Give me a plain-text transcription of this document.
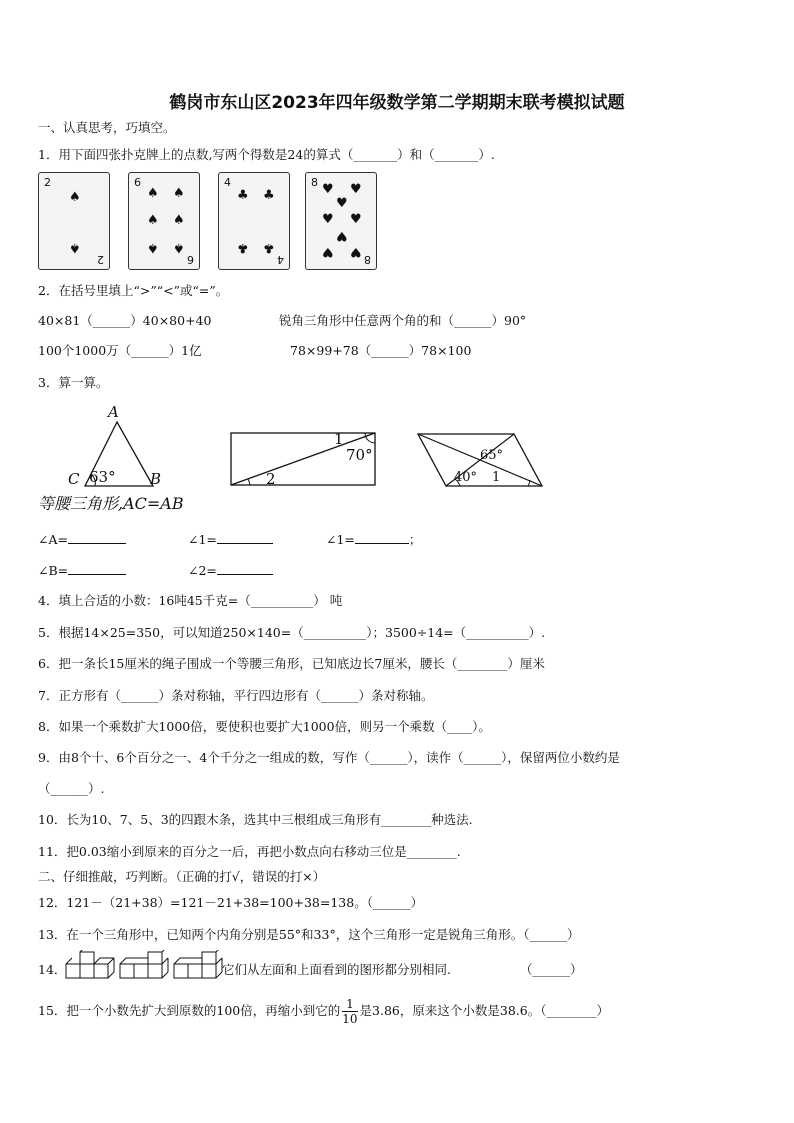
鹤岗市东山区2023年四年级数学第二学期期末联考模拟试题
一、认真思考，巧填空。
1．用下面四张扑克牌上的点数,写两个得数是24的算式（_______）和（_______）.
2
2
♠
♠
6
6
♠ ♠
♠ ♠
♠ ♠
4
4
♣ ♣
♣ ♣
8
8
♥ ♥
♥
♥ ♥
♥
♥ ♥
2．在括号里填上“>”“<”或“=”。
40×81（______）40×80+40	锐角三角形中任意两个角的和（______）90°
100个1000万（______）1亿	78×99+78（______）78×100
3．算一算。
A
C	B
63°
等腰三角形,AC=AB
1
70°
2
65°
40° 1
∠A=	∠1=	∠1=	；
∠B=	∠2=
4．填上合适的小数：16吨45千克=（__________） 吨
5．根据14×25=350，可以知道250×140=（__________）；3500÷14=（__________）.
6．把一条长15厘米的绳子围成一个等腰三角形，已知底边长7厘米，腰长（________）厘米
7．正方形有（______）条对称轴，平行四边形有（______）条对称轴。
8．如果一个乘数扩大1000倍，要使积也要扩大1000倍，则另一个乘数（____）。
9．由8个十、6个百分之一、4个千分之一组成的数，写作（______），读作（______），保留两位小数约是
（______）.
10．长为10、7、5、3的四跟木条，选其中三根组成三角形有________种选法.
11．把0.03缩小到原来的百分之一后，再把小数点向右移动三位是________.
二、仔细推敲，巧判断。（正确的打√，错误的打×）
12．121－（21+38）=121－21+38=100+38=138。（______）
13．在一个三角形中，已知两个内角分别是55°和33°，这个三角形一定是锐角三角形。（______）
14．	它们从左面和上面看到的图形都分别相同.	（______）
15．把一个小数先扩大到原数的100倍，再缩小到它的 $\frac{1}{10}$ 是3.86，原来这个小数是38.6。（________）
